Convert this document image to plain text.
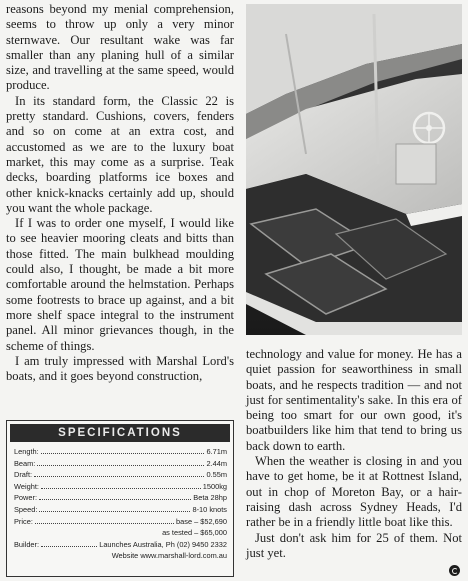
reasons beyond my menial comprehension, seems to throw up only a very minor sternwave. Our resultant wake was far smaller than any planing hull of a similar size, and travelling at the same speed, would produce.

In its standard form, the Classic 22 is pretty standard. Cushions, covers, fenders and so on come at an extra cost, and accustomed as we are to the luxury boat market, this may come as a surprise. Teak decks, boarding platforms ice boxes and other knick-knacks certainly add up, should you want the whole package.

If I was to order one myself, I would like to see heavier mooring cleats and bitts than those fitted. The main bulkhead moulding could also, I thought, be made a bit more comfortable around the helmstation. Perhaps some footrests to brace up against, and a bit more shelf space integral to the instrument panel. All minor grievances though, in the scheme of things.

I am truly impressed with Marshal Lord's boats, and it goes beyond construction,

SPECIFICATIONS
Length:	6.71m
Beam:	2.44m
Draft:	0.55m
Weight:	1500kg
Power:	Beta 28hp
Speed:	8-10 knots
Price:	base – $52,690
as tested – $65,000
Builder:	Launches Australia, Ph (02) 9450 2332
Website www.marshall-lord.com.au

technology and value for money. He has a quiet passion for seaworthiness in small boats, and he respects tradition — and not just for sentimentality's sake. In this era of being too smart for our own good, it's boatbuilders like him that tend to bring us back down to earth.

When the weather is closing in and you have to get home, be it at Rottnest Island, out in chop of Moreton Bay, or a hair-raising dash across Sydney Heads, I'd rather be in a friendly little boat like this.

Just don't ask him for 25 of them. Not just yet.
